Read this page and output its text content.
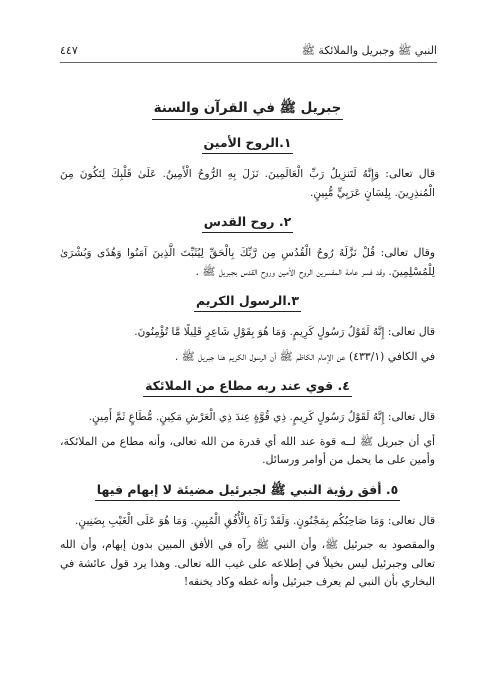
النبي ﷺ وجبريل والملائكة ﷺ
٤٤٧
جبريل ﷺ في القرآن والسنة
١.الروح الأمين

قال تعالى: وَإِنَّهُ لَتَنزِيلُ رَبِّ الْعَالَمِينَ. نَزَلَ بِهِ الرُّوحُ الْأَمِينُ. عَلَىٰ قَلْبِكَ لِتَكُونَ مِنَ الْمُنذِرِينَ. بِلِسَانٍ عَرَبِيٍّ مُّبِينٍ.

٢. روح القدس

وقال تعالى: قُلْ نَزَّلَهُ رُوحُ الْقُدُسِ مِن رَّبِّكَ بِالْحَقِّ لِيُثَبِّتَ الَّذِينَ آمَنُوا وَهُدًى وَبُشْرَىٰ لِلْمُسْلِمِينَ. وقد فسر عامة المفسرين الروح الأمين وروح القدس بجبريل ﷺ .

٣.الرسول الكريم

قال تعالى: إِنَّهُ لَقَوْلُ رَسُولٍ كَرِيمٍ. وَمَا هُوَ بِقَوْلِ شَاعِرٍ قَلِيلًا مَّا تُؤْمِنُونَ.

في الكافي (٤٣٣/١) عن الإمام الكاظم ﷺ أن الرسول الكريم هنا جبريل ﷺ .

٤. قوي عند ربه مطاع من الملائكة

قال تعالى: إِنَّهُ لَقَوْلُ رَسُولٍ كَرِيمٍ. ذِي قُوَّةٍ عِندَ ذِي الْعَرْشِ مَكِينٍ. مُّطَاعٍ ثَمَّ أَمِينٍ.

أي أن جبريل ﷺ لــه قوة عند الله أي قدرة من الله تعالى، وأنه مطاع من الملائكة، وأمين على ما يحمل من أوامر ورسائل.

٥. أفق رؤية النبي ﷺ لجبرئيل مضيئة لا إبهام فيها

قال تعالى: وَمَا صَاحِبُكُم بِمَجْنُونٍ. وَلَقَدْ رَآهُ بِالْأُفُقِ الْمُبِينِ. وَمَا هُوَ عَلَى الْغَيْبِ بِضَنِينٍ.

والمقصود به جبرئيل ﷺ، وأن النبي ﷺ رآه في الأفق المبين بدون إبهام، وأن الله تعالى وجبرئيل ليس بخيلاً في إطلاعه على غيب الله تعالى. وهذا يرد قول عائشة في البخاري بأن النبي لم يعرف جبرئيل وأنه غطه وكاد يخنقه!
